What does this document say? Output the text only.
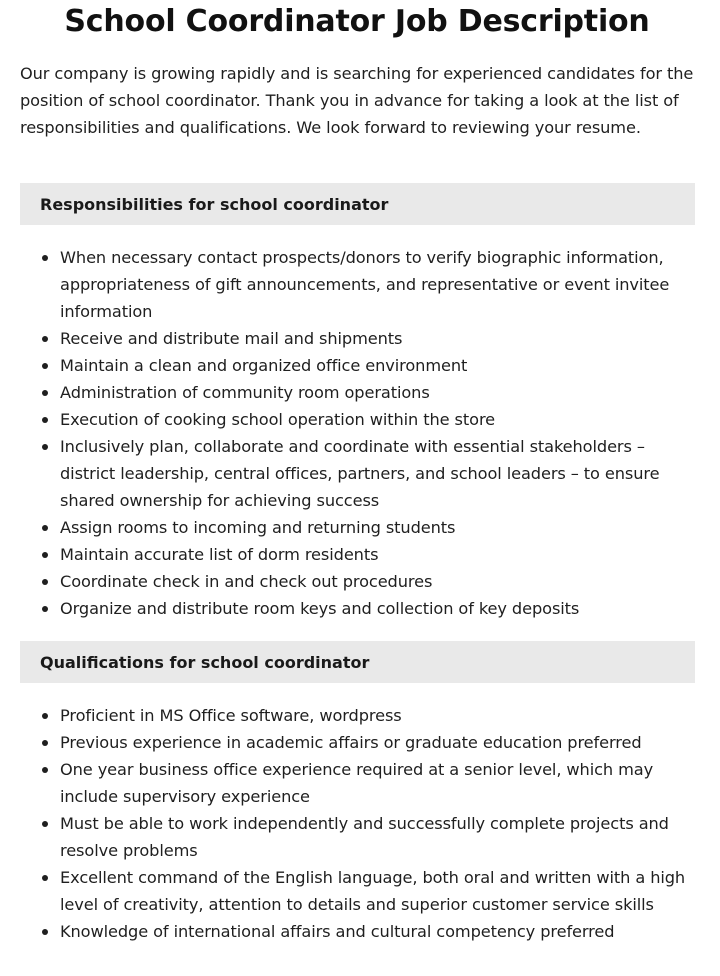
School Coordinator Job Description

Our company is growing rapidly and is searching for experienced candidates for the position of school coordinator. Thank you in advance for taking a look at the list of responsibilities and qualifications. We look forward to reviewing your resume.

Responsibilities for school coordinator
When necessary contact prospects/donors to verify biographic information, appropriateness of gift announcements, and representative or event invitee information
Receive and distribute mail and shipments
Maintain a clean and organized office environment
Administration of community room operations
Execution of cooking school operation within the store
Inclusively plan, collaborate and coordinate with essential stakeholders – district leadership, central offices, partners, and school leaders – to ensure shared ownership for achieving success
Assign rooms to incoming and returning students
Maintain accurate list of dorm residents
Coordinate check in and check out procedures
Organize and distribute room keys and collection of key deposits
Qualifications for school coordinator
Proficient in MS Office software, wordpress
Previous experience in academic affairs or graduate education preferred
One year business office experience required at a senior level, which may include supervisory experience
Must be able to work independently and successfully complete projects and resolve problems
Excellent command of the English language, both oral and written with a high level of creativity, attention to details and superior customer service skills
Knowledge of international affairs and cultural competency preferred
